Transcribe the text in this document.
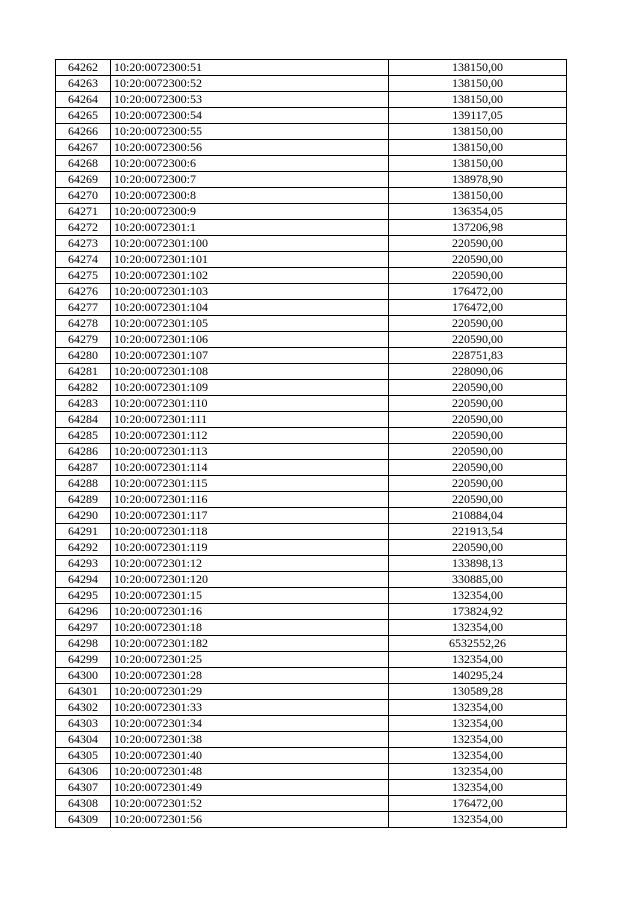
64262	10:20:0072300:51	138150,00
64263	10:20:0072300:52	138150,00
64264	10:20:0072300:53	138150,00
64265	10:20:0072300:54	139117,05
64266	10:20:0072300:55	138150,00
64267	10:20:0072300:56	138150,00
64268	10:20:0072300:6	138150,00
64269	10:20:0072300:7	138978,90
64270	10:20:0072300:8	138150,00
64271	10:20:0072300:9	136354,05
64272	10:20:0072301:1	137206,98
64273	10:20:0072301:100	220590,00
64274	10:20:0072301:101	220590,00
64275	10:20:0072301:102	220590,00
64276	10:20:0072301:103	176472,00
64277	10:20:0072301:104	176472,00
64278	10:20:0072301:105	220590,00
64279	10:20:0072301:106	220590,00
64280	10:20:0072301:107	228751,83
64281	10:20:0072301:108	228090,06
64282	10:20:0072301:109	220590,00
64283	10:20:0072301:110	220590,00
64284	10:20:0072301:111	220590,00
64285	10:20:0072301:112	220590,00
64286	10:20:0072301:113	220590,00
64287	10:20:0072301:114	220590,00
64288	10:20:0072301:115	220590,00
64289	10:20:0072301:116	220590,00
64290	10:20:0072301:117	210884,04
64291	10:20:0072301:118	221913,54
64292	10:20:0072301:119	220590,00
64293	10:20:0072301:12	133898,13
64294	10:20:0072301:120	330885,00
64295	10:20:0072301:15	132354,00
64296	10:20:0072301:16	173824,92
64297	10:20:0072301:18	132354,00
64298	10:20:0072301:182	6532552,26
64299	10:20:0072301:25	132354,00
64300	10:20:0072301:28	140295,24
64301	10:20:0072301:29	130589,28
64302	10:20:0072301:33	132354,00
64303	10:20:0072301:34	132354,00
64304	10:20:0072301:38	132354,00
64305	10:20:0072301:40	132354,00
64306	10:20:0072301:48	132354,00
64307	10:20:0072301:49	132354,00
64308	10:20:0072301:52	176472,00
64309	10:20:0072301:56	132354,00
